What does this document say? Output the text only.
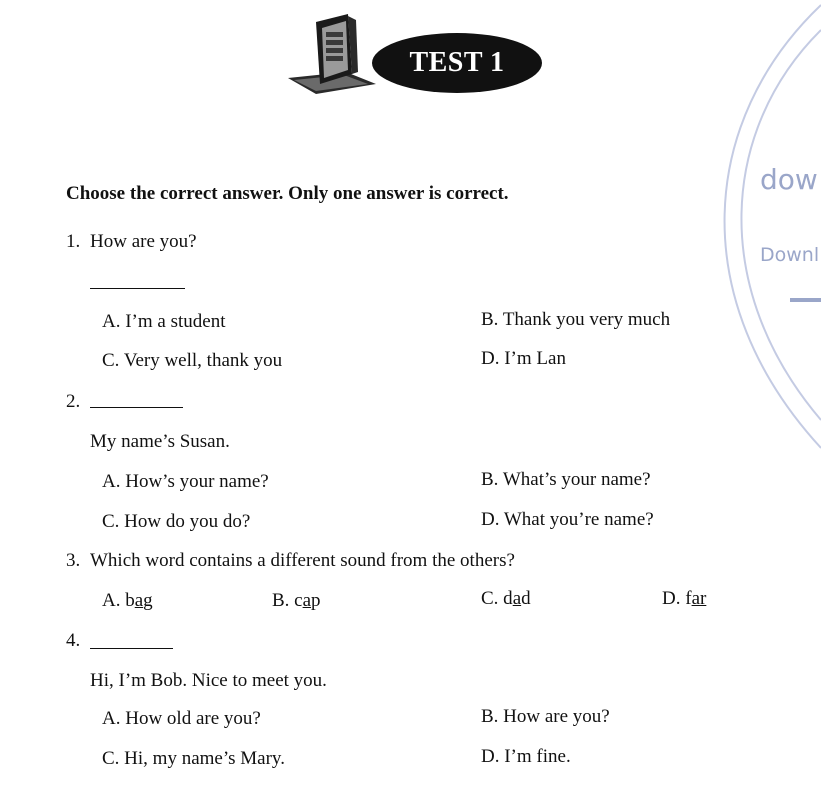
dow
Downl
TEST 1
Choose the correct answer. Only one answer is correct.
1. How are you?
A. I’m a student	B. Thank you very much
C. Very well, thank you	D. I’m Lan
2.
My name’s Susan.
A. How’s your name?	B. What’s your name?
C. How do you do?	D. What you’re name?
3. Which word contains a different sound from the others?
A. bag	B. cap	C. dad	D. far
4.
Hi, I’m Bob. Nice to meet you.
A. How old are you?	B. How are you?
C. Hi, my name’s Mary.	D. I’m fine.
